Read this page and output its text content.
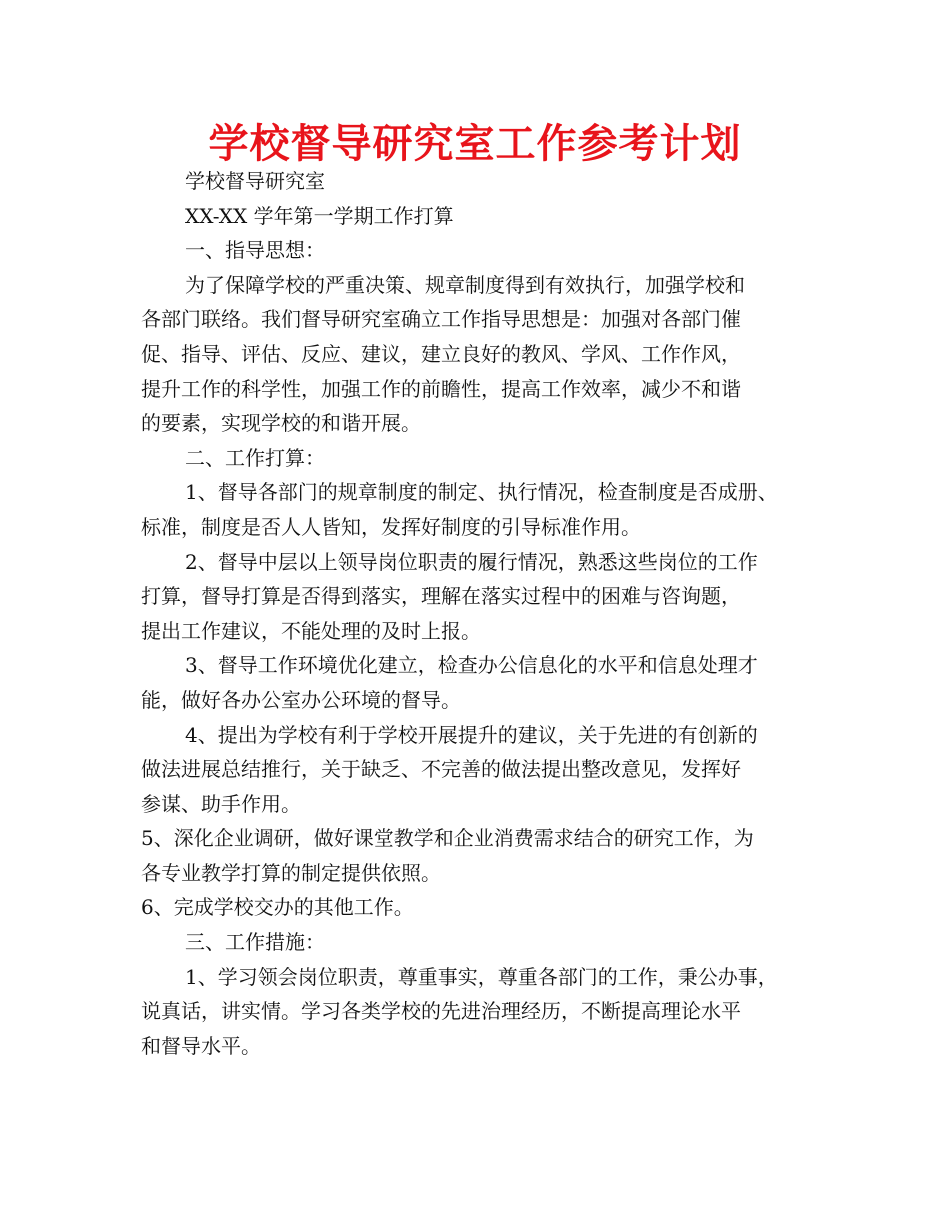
学校督导研究室工作参考计划
学校督导研究室
XX-XX 学年第一学期工作打算
一、指导思想：
为了保障学校的严重决策、规章制度得到有效执行，加强学校和
各部门联络。我们督导研究室确立工作指导思想是：加强对各部门催
促、指导、评估、反应、建议，建立良好的教风、学风、工作作风，
提升工作的科学性，加强工作的前瞻性，提高工作效率，减少不和谐
的要素，实现学校的和谐开展。
二、工作打算：
1、督导各部门的规章制度的制定、执行情况，检查制度是否成册、
标准，制度是否人人皆知，发挥好制度的引导标准作用。
2、督导中层以上领导岗位职责的履行情况，熟悉这些岗位的工作
打算，督导打算是否得到落实，理解在落实过程中的困难与咨询题，
提出工作建议，不能处理的及时上报。
3、督导工作环境优化建立，检查办公信息化的水平和信息处理才
能，做好各办公室办公环境的督导。
4、提出为学校有利于学校开展提升的建议，关于先进的有创新的
做法进展总结推行，关于缺乏、不完善的做法提出整改意见，发挥好
参谋、助手作用。
5、深化企业调研，做好课堂教学和企业消费需求结合的研究工作，为
各专业教学打算的制定提供依照。
6、完成学校交办的其他工作。
三、工作措施：
1、学习领会岗位职责，尊重事实，尊重各部门的工作，秉公办事，
说真话，讲实情。学习各类学校的先进治理经历，不断提高理论水平
和督导水平。
